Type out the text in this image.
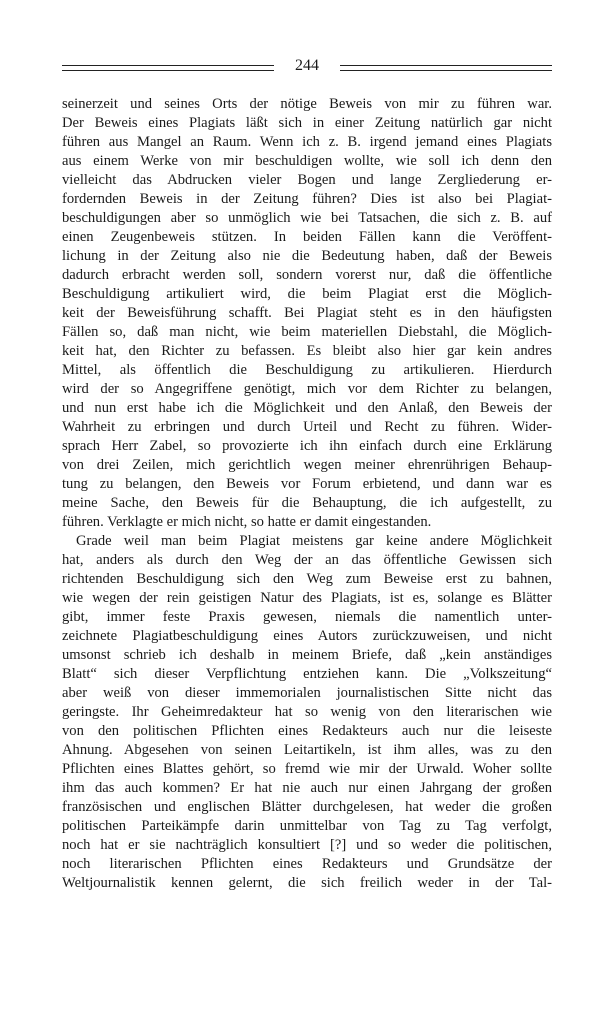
244
seinerzeit und seines Orts der nötige Beweis von mir zu führen war.
Der Beweis eines Plagiats läßt sich in einer Zeitung natürlich gar nicht
führen aus Mangel an Raum. Wenn ich z. B. irgend jemand eines Plagiats
aus einem Werke von mir beschuldigen wollte, wie soll ich denn den
vielleicht das Abdrucken vieler Bogen und lange Zergliederung er-
fordernden Beweis in der Zeitung führen? Dies ist also bei Plagiat-
beschuldigungen aber so unmöglich wie bei Tatsachen, die sich z. B. auf
einen Zeugenbeweis stützen. In beiden Fällen kann die Veröffent-
lichung in der Zeitung also nie die Bedeutung haben, daß der Beweis
dadurch erbracht werden soll, sondern vorerst nur, daß die öffentliche
Beschuldigung artikuliert wird, die beim Plagiat erst die Möglich-
keit der Beweisführung schafft. Bei Plagiat steht es in den häufigsten
Fällen so, daß man nicht, wie beim materiellen Diebstahl, die Möglich-
keit hat, den Richter zu befassen. Es bleibt also hier gar kein andres
Mittel, als öffentlich die Beschuldigung zu artikulieren. Hierdurch
wird der so Angegriffene genötigt, mich vor dem Richter zu belangen,
und nun erst habe ich die Möglichkeit und den Anlaß, den Beweis der
Wahrheit zu erbringen und durch Urteil und Recht zu führen. Wider-
sprach Herr Zabel, so provozierte ich ihn einfach durch eine Erklärung
von drei Zeilen, mich gerichtlich wegen meiner ehrenrührigen Behaup-
tung zu belangen, den Beweis vor Forum erbietend, und dann war es
meine Sache, den Beweis für die Behauptung, die ich aufgestellt, zu
führen. Verklagte er mich nicht, so hatte er damit eingestanden.
Grade weil man beim Plagiat meistens gar keine andere Möglichkeit
hat, anders als durch den Weg der an das öffentliche Gewissen sich
richtenden Beschuldigung sich den Weg zum Beweise erst zu bahnen,
wie wegen der rein geistigen Natur des Plagiats, ist es, solange es Blätter
gibt, immer feste Praxis gewesen, niemals die namentlich unter-
zeichnete Plagiatbeschuldigung eines Autors zurückzuweisen, und nicht
umsonst schrieb ich deshalb in meinem Briefe, daß „kein anständiges
Blatt“ sich dieser Verpflichtung entziehen kann. Die „Volkszeitung“
aber weiß von dieser immemorialen journalistischen Sitte nicht das
geringste. Ihr Geheimredakteur hat so wenig von den literarischen wie
von den politischen Pflichten eines Redakteurs auch nur die leiseste
Ahnung. Abgesehen von seinen Leitartikeln, ist ihm alles, was zu den
Pflichten eines Blattes gehört, so fremd wie mir der Urwald. Woher sollte
ihm das auch kommen? Er hat nie auch nur einen Jahrgang der großen
französischen und englischen Blätter durchgelesen, hat weder die großen
politischen Parteikämpfe darin unmittelbar von Tag zu Tag verfolgt,
noch hat er sie nachträglich konsultiert [?] und so weder die politischen,
noch literarischen Pflichten eines Redakteurs und Grundsätze der
Weltjournalistik kennen gelernt, die sich freilich weder in der Tal-
